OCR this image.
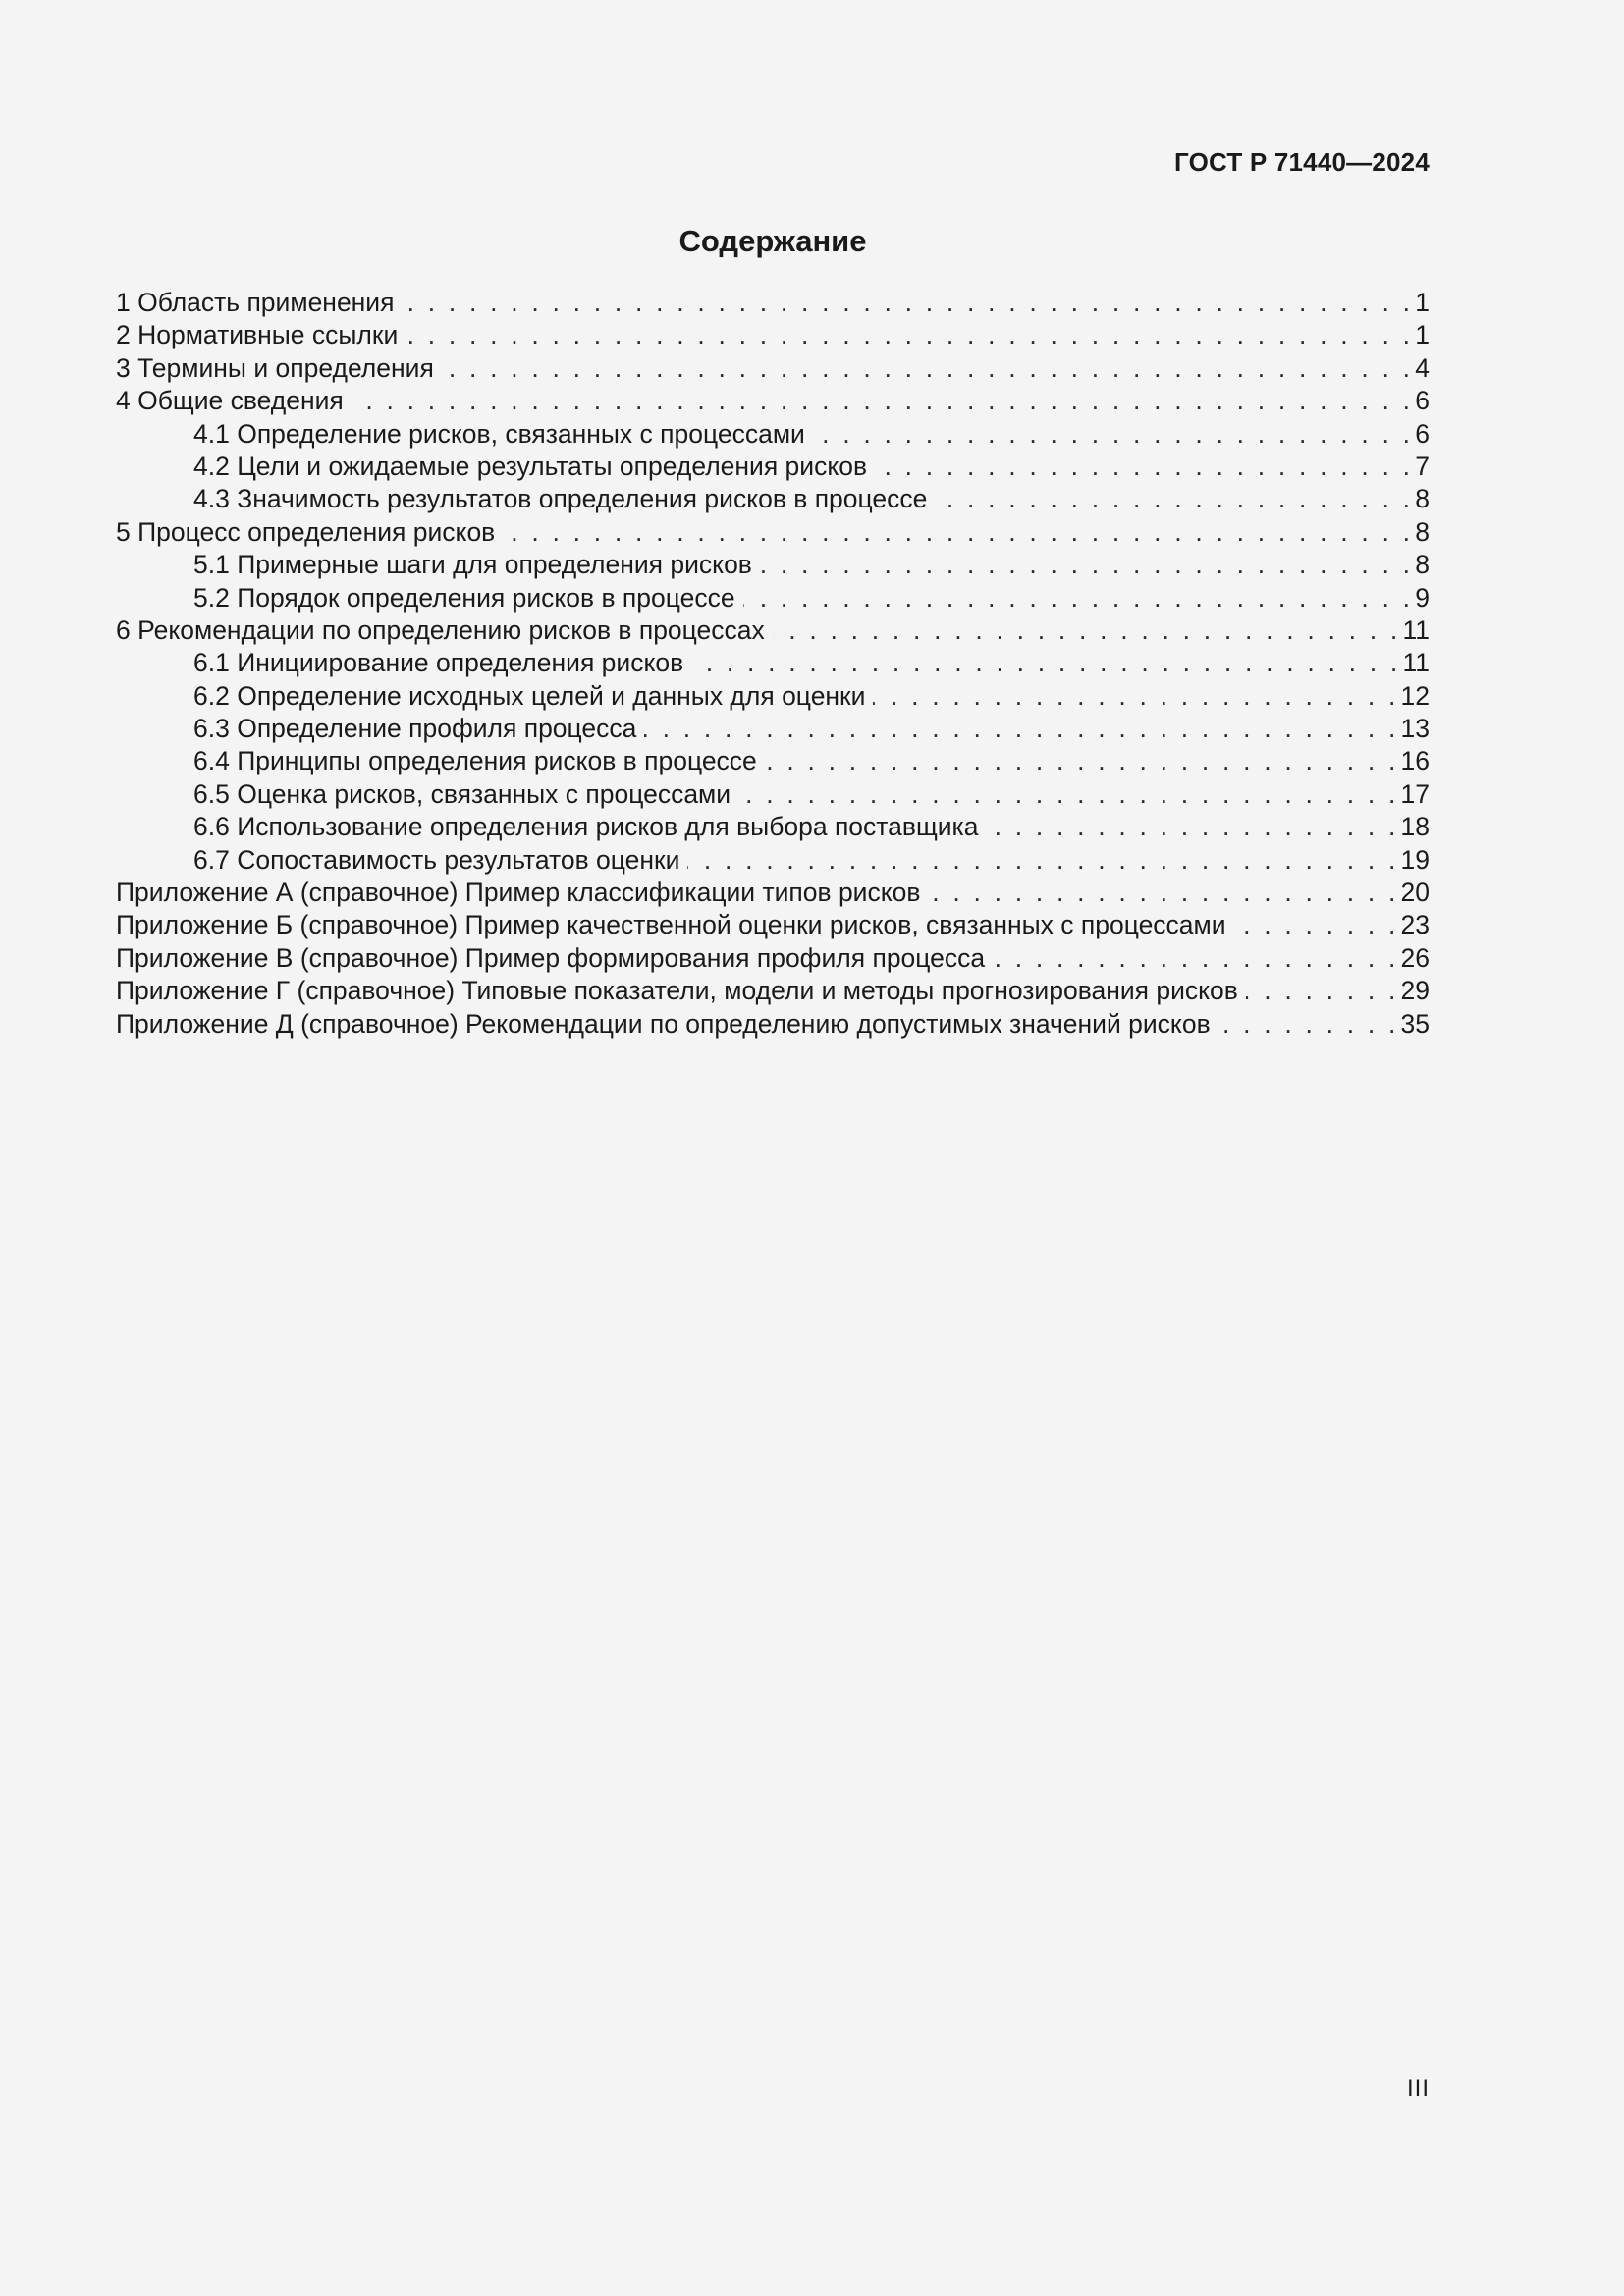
ГОСТ Р 71440—2024
Содержание
1 Область применения . . .	1
2 Нормативные ссылки . . .	1
3 Термины и определения . . .	4
4 Общие сведения . . .	6
4.1 Определение рисков, связанных с процессами . . .	6
4.2 Цели и ожидаемые результаты определения рисков . . .	7
4.3 Значимость результатов определения рисков в процессе . . .	8
5 Процесс определения рисков . . .	8
5.1 Примерные шаги для определения рисков . . .	8
5.2 Порядок определения рисков в процессе . . .	9
6 Рекомендации по определению рисков в процессах . . .	11
6.1 Инициирование определения рисков . . .	11
6.2 Определение исходных целей и данных для оценки . . .	12
6.3 Определение профиля процесса . . .	13
6.4 Принципы определения рисков в процессе . . .	16
6.5 Оценка рисков, связанных с процессами . . .	17
6.6 Использование определения рисков для выбора поставщика . . .	18
6.7 Сопоставимость результатов оценки . . .	19
Приложение А (справочное) Пример классификации типов рисков . . .	20
Приложение Б (справочное) Пример качественной оценки рисков, связанных с процессами . . .	23
Приложение В (справочное) Пример формирования профиля процесса . . .	26
Приложение Г (справочное) Типовые показатели, модели и методы прогнозирования рисков . . .	29
Приложение Д (справочное) Рекомендации по определению допустимых значений рисков . . .	35
III
